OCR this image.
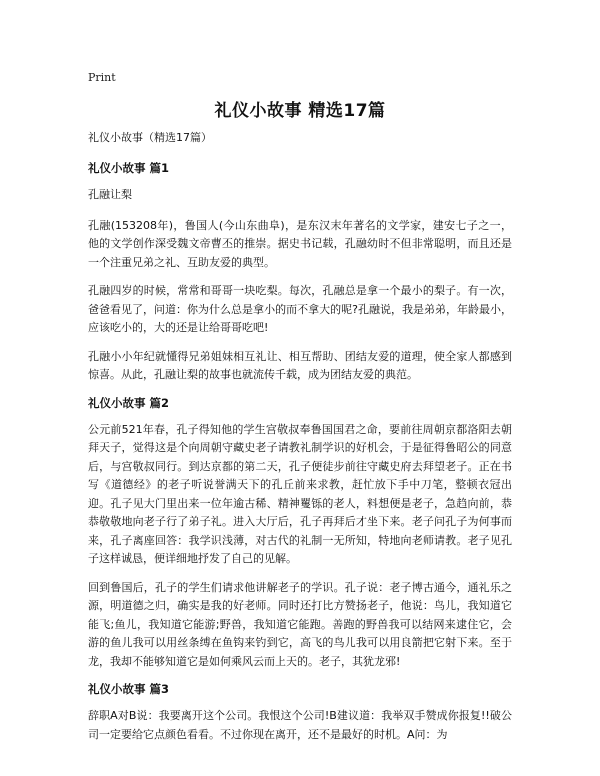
Print
礼仪小故事 精选17篇
礼仪小故事（精选17篇）
礼仪小故事 篇1

孔融让梨

孔融(153208年)，鲁国人(今山东曲阜)，是东汉末年著名的文学家，建安七子之一， 他的文学创作深受魏文帝曹丕的推崇。据史书记载，孔融幼时不但非常聪明，而且还是一个注重兄弟之礼、互助友爱的典型。

孔融四岁的时候，常常和哥哥一块吃梨。每次，孔融总是拿一个最小的梨子。有一次，爸爸看见了，问道：你为什么总是拿小的而不拿大的呢?孔融说，我是弟弟，年龄最小，应该吃小的，大的还是让给哥哥吃吧!

孔融小小年纪就懂得兄弟姐妹相互礼让、相互帮助、团结友爱的道理，使全家人都感到惊喜。从此，孔融让梨的故事也就流传千载，成为团结友爱的典范。

礼仪小故事 篇2

公元前521年春，孔子得知他的学生宫敬叔奉鲁国国君之命，要前往周朝京都洛阳去朝拜天子，觉得这是个向周朝守藏史老子请教礼制学识的好机会，于是征得鲁昭公的同意后，与宫敬叔同行。到达京都的第二天，孔子便徒步前往守藏史府去拜望老子。正在书写《道德经》的老子听说誉满天下的孔丘前来求教，赶忙放下手中刀笔，整顿衣冠出迎。孔子见大门里出来一位年逾古稀、精神矍铄的老人，料想便是老子，急趋向前，恭恭敬敬地向老子行了弟子礼。进入大厅后，孔子再拜后才坐下来。老子问孔子为何事而来，孔子离座回答：我学识浅薄，对古代的礼制一无所知，特地向老师请教。老子见孔子这样诚恳，便详细地抒发了自己的见解。

回到鲁国后，孔子的学生们请求他讲解老子的学识。孔子说：老子博古通今，通礼乐之源，明道德之归，确实是我的好老师。同时还打比方赞扬老子，他说：鸟儿，我知道它能飞;鱼儿，我知道它能游;野兽，我知道它能跑。善跑的野兽我可以结网来逮住它，会游的鱼儿我可以用丝条缚在鱼钩来钓到它，高飞的鸟儿我可以用良箭把它射下来。至于龙，我却不能够知道它是如何乘风云而上天的。老子，其犹龙邪!

礼仪小故事 篇3

辞职A对B说：我要离开这个公司。我恨这个公司!B建议道：我举双手赞成你报复!!破公司一定要给它点颜色看看。不过你现在离开，还不是最好的时机。A问：为
